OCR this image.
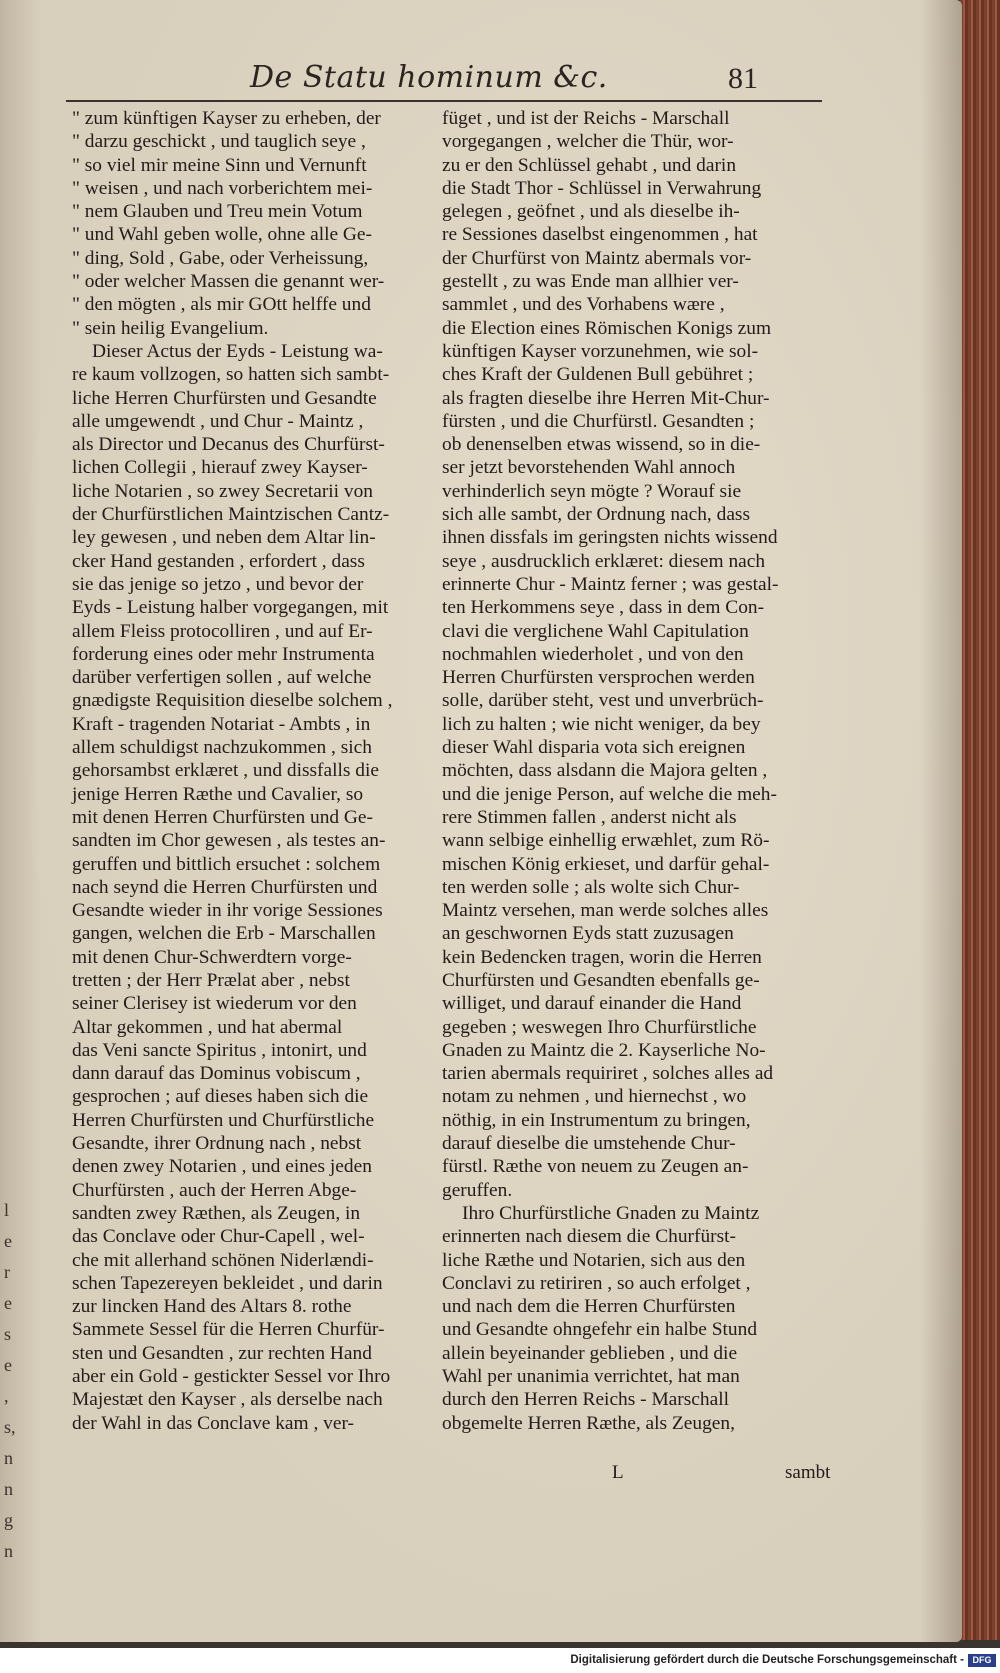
De Statu hominum &c.	81
" zum künftigen Kayser zu erheben, der
" darzu geschickt , und tauglich seye ,
" so viel mir meine Sinn und Vernunft
" weisen , und nach vorberichtem mei-
" nem Glauben und Treu mein Votum
" und Wahl geben wolle, ohne alle Ge-
" ding, Sold , Gabe, oder Verheissung,
" oder welcher Massen die genannt wer-
" den mögten , als mir GOtt helffe und
" sein heilig Evangelium.
Dieser Actus der Eyds - Leistung wa-
re kaum vollzogen, so hatten sich sambt-
liche Herren Churfürsten und Gesandte
alle umgewendt , und Chur - Maintz ,
als Director und Decanus des Churfürst-
lichen Collegii , hierauf zwey Kayser-
liche Notarien , so zwey Secretarii von
der Churfürstlichen Maintzischen Cantz-
ley gewesen , und neben dem Altar lin-
cker Hand gestanden , erfordert , dass
sie das jenige so jetzo , und bevor der
Eyds - Leistung halber vorgegangen, mit
allem Fleiss protocolliren , und auf Er-
forderung eines oder mehr Instrumenta
darüber verfertigen sollen , auf welche
gnædigste Requisition dieselbe solchem ,
Kraft - tragenden Notariat - Ambts , in
allem schuldigst nachzukommen , sich
gehorsambst erklæret , und dissfalls die
jenige Herren Ræthe und Cavalier, so
mit denen Herren Churfürsten und Ge-
sandten im Chor gewesen , als testes an-
geruffen und bittlich ersuchet : solchem
nach seynd die Herren Churfürsten und
Gesandte wieder in ihr vorige Sessiones
gangen, welchen die Erb - Marschallen
mit denen Chur-Schwerdtern vorge-
tretten ; der Herr Prælat aber , nebst
seiner Clerisey ist wiederum vor den
Altar gekommen , und hat abermal
das Veni sancte Spiritus , intonirt, und
dann darauf das Dominus vobiscum ,
gesprochen ; auf dieses haben sich die
Herren Churfürsten und Churfürstliche
Gesandte, ihrer Ordnung nach , nebst
denen zwey Notarien , und eines jeden
Churfürsten , auch der Herren Abge-
sandten zwey Ræthen, als Zeugen, in
das Conclave oder Chur-Capell , wel-
che mit allerhand schönen Niderlændi-
schen Tapezereyen bekleidet , und darin
zur lincken Hand des Altars 8. rothe
Sammete Sessel für die Herren Churfür-
sten und Gesandten , zur rechten Hand
aber ein Gold - gestickter Sessel vor Ihro
Majestæt den Kayser , als derselbe nach
der Wahl in das Conclave kam , ver-
füget , und ist der Reichs - Marschall
vorgegangen , welcher die Thür, wor-
zu er den Schlüssel gehabt , und darin
die Stadt Thor - Schlüssel in Verwahrung
gelegen , geöfnet , und als dieselbe ih-
re Sessiones daselbst eingenommen , hat
der Churfürst von Maintz abermals vor-
gestellt , zu was Ende man allhier ver-
sammlet , und des Vorhabens wære ,
die Election eines Römischen Konigs zum
künftigen Kayser vorzunehmen, wie sol-
ches Kraft der Guldenen Bull gebühret ;
als fragten dieselbe ihre Herren Mit-Chur-
fürsten , und die Churfürstl. Gesandten ;
ob denenselben etwas wissend, so in die-
ser jetzt bevorstehenden Wahl annoch
verhinderlich seyn mögte ? Worauf sie
sich alle sambt, der Ordnung nach, dass
ihnen dissfals im geringsten nichts wissend
seye , ausdrucklich erklæret: diesem nach
erinnerte Chur - Maintz ferner ; was gestal-
ten Herkommens seye , dass in dem Con-
clavi die verglichene Wahl Capitulation
nochmahlen wiederholet , und von den
Herren Churfürsten versprochen werden
solle, darüber steht, vest und unverbrüch-
lich zu halten ; wie nicht weniger, da bey
dieser Wahl disparia vota sich ereignen
möchten, dass alsdann die Majora gelten ,
und die jenige Person, auf welche die meh-
rere Stimmen fallen , anderst nicht als
wann selbige einhellig erwæhlet, zum Rö-
mischen König erkieset, und darfür gehal-
ten werden solle ; als wolte sich Chur-
Maintz versehen, man werde solches alles
an geschwornen Eyds statt zuzusagen
kein Bedencken tragen, worin die Herren
Churfürsten und Gesandten ebenfalls ge-
williget, und darauf einander die Hand
gegeben ; weswegen Ihro Churfürstliche
Gnaden zu Maintz die 2. Kayserliche No-
tarien abermals requiriret , solches alles ad
notam zu nehmen , und hiernechst , wo
nöthig, in ein Instrumentum zu bringen,
darauf dieselbe die umstehende Chur-
fürstl. Ræthe von neuem zu Zeugen an-
geruffen.
Ihro Churfürstliche Gnaden zu Maintz
erinnerten nach diesem die Churfürst-
liche Ræthe und Notarien, sich aus den
Conclavi zu retiriren , so auch erfolget ,
und nach dem die Herren Churfürsten
und Gesandte ohngefehr ein halbe Stund
allein beyeinander geblieben , und die
Wahl per unanimia verrichtet, hat man
durch den Herren Reichs - Marschall
obgemelte Herren Ræthe, als Zeugen,
L	sambt
l
e
r
e
s
e
,
s,
n
n
g
n
Digitalisierung gefördert durch die Deutsche Forschungsgemeinschaft - DFG
